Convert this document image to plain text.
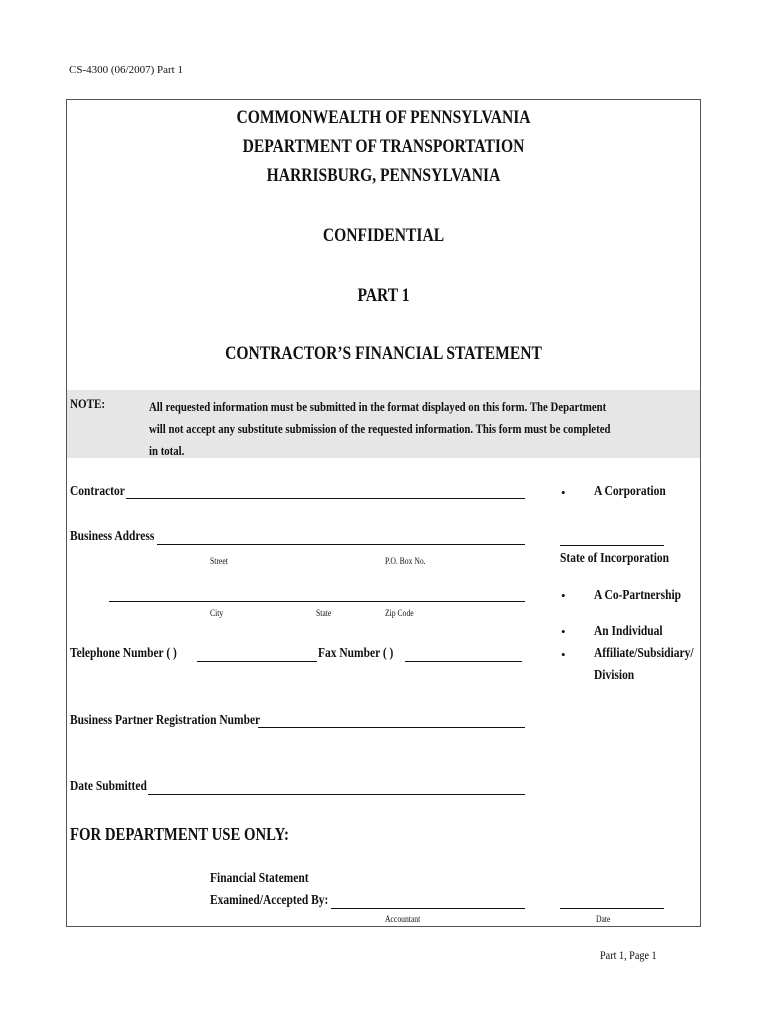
CS-4300 (06/2007) Part 1
COMMONWEALTH OF PENNSYLVANIA
DEPARTMENT OF TRANSPORTATION
HARRISBURG, PENNSYLVANIA
CONFIDENTIAL
PART 1
CONTRACTOR’S FINANCIAL STATEMENT
NOTE:	All requested information must be submitted in the format displayed on this form. The Department
will not accept any substitute submission of the requested information. This form must be completed
in total.
Contractor
Business Address
Street	P.O. Box No.
City	State	Zip Code
Telephone Number ( )	Fax Number ( )
Business Partner Registration Number
Date Submitted
• A Corporation
State of Incorporation
• A Co-Partnership
• An Individual
• Affiliate/Subsidiary/
Division
FOR DEPARTMENT USE ONLY:
Financial Statement
Examined/Accepted By:
Accountant	Date
Part 1, Page 1
